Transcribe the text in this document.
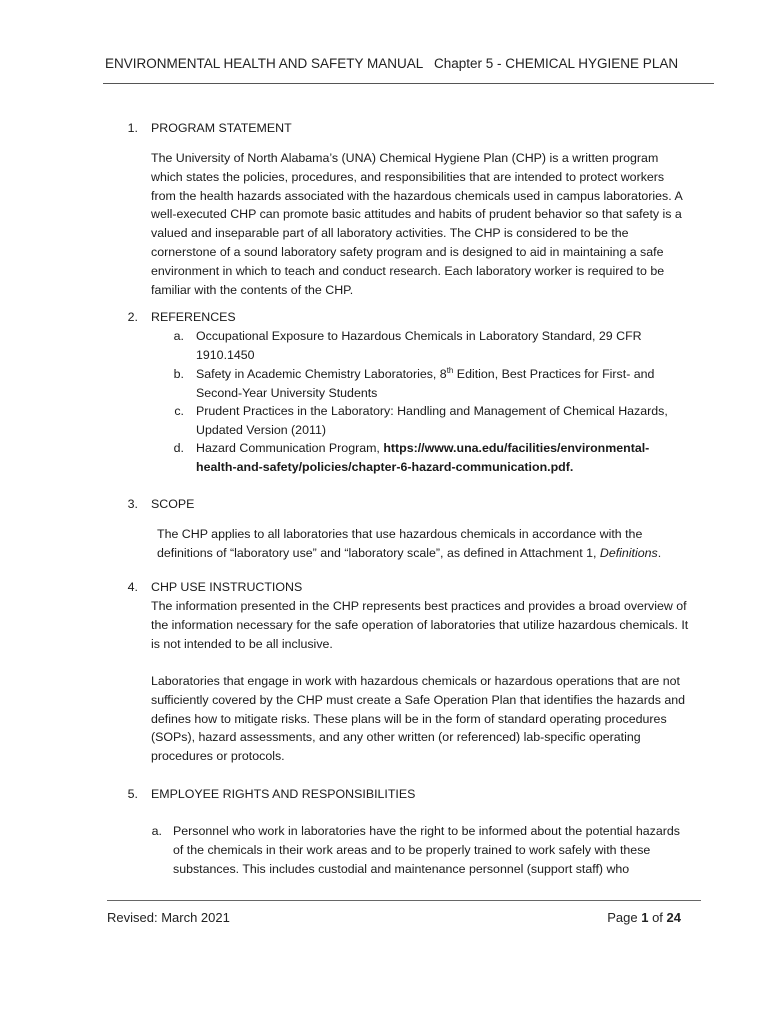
ENVIRONMENTAL HEALTH AND SAFETY MANUAL Chapter 5 - CHEMICAL HYGIENE PLAN
1. PROGRAM STATEMENT
The University of North Alabama’s (UNA) Chemical Hygiene Plan (CHP) is a written program which states the policies, procedures, and responsibilities that are intended to protect workers from the health hazards associated with the hazardous chemicals used in campus laboratories. A well-executed CHP can promote basic attitudes and habits of prudent behavior so that safety is a valued and inseparable part of all laboratory activities. The CHP is considered to be the cornerstone of a sound laboratory safety program and is designed to aid in maintaining a safe environment in which to teach and conduct research. Each laboratory worker is required to be familiar with the contents of the CHP.
2. REFERENCES
a. Occupational Exposure to Hazardous Chemicals in Laboratory Standard, 29 CFR 1910.1450
b. Safety in Academic Chemistry Laboratories, 8th Edition, Best Practices for First- and Second-Year University Students
c. Prudent Practices in the Laboratory: Handling and Management of Chemical Hazards, Updated Version (2011)
d. Hazard Communication Program, https://www.una.edu/facilities/environmental-health-and-safety/policies/chapter-6-hazard-communication.pdf.
3. SCOPE
The CHP applies to all laboratories that use hazardous chemicals in accordance with the definitions of “laboratory use” and “laboratory scale”, as defined in Attachment 1, Definitions.
4. CHP USE INSTRUCTIONS
The information presented in the CHP represents best practices and provides a broad overview of the information necessary for the safe operation of laboratories that utilize hazardous chemicals. It is not intended to be all inclusive.
Laboratories that engage in work with hazardous chemicals or hazardous operations that are not sufficiently covered by the CHP must create a Safe Operation Plan that identifies the hazards and defines how to mitigate risks. These plans will be in the form of standard operating procedures (SOPs), hazard assessments, and any other written (or referenced) lab-specific operating procedures or protocols.
5. EMPLOYEE RIGHTS AND RESPONSIBILITIES
a. Personnel who work in laboratories have the right to be informed about the potential hazards of the chemicals in their work areas and to be properly trained to work safely with these substances. This includes custodial and maintenance personnel (support staff) who
Revised: March 2021	Page 1 of 24
